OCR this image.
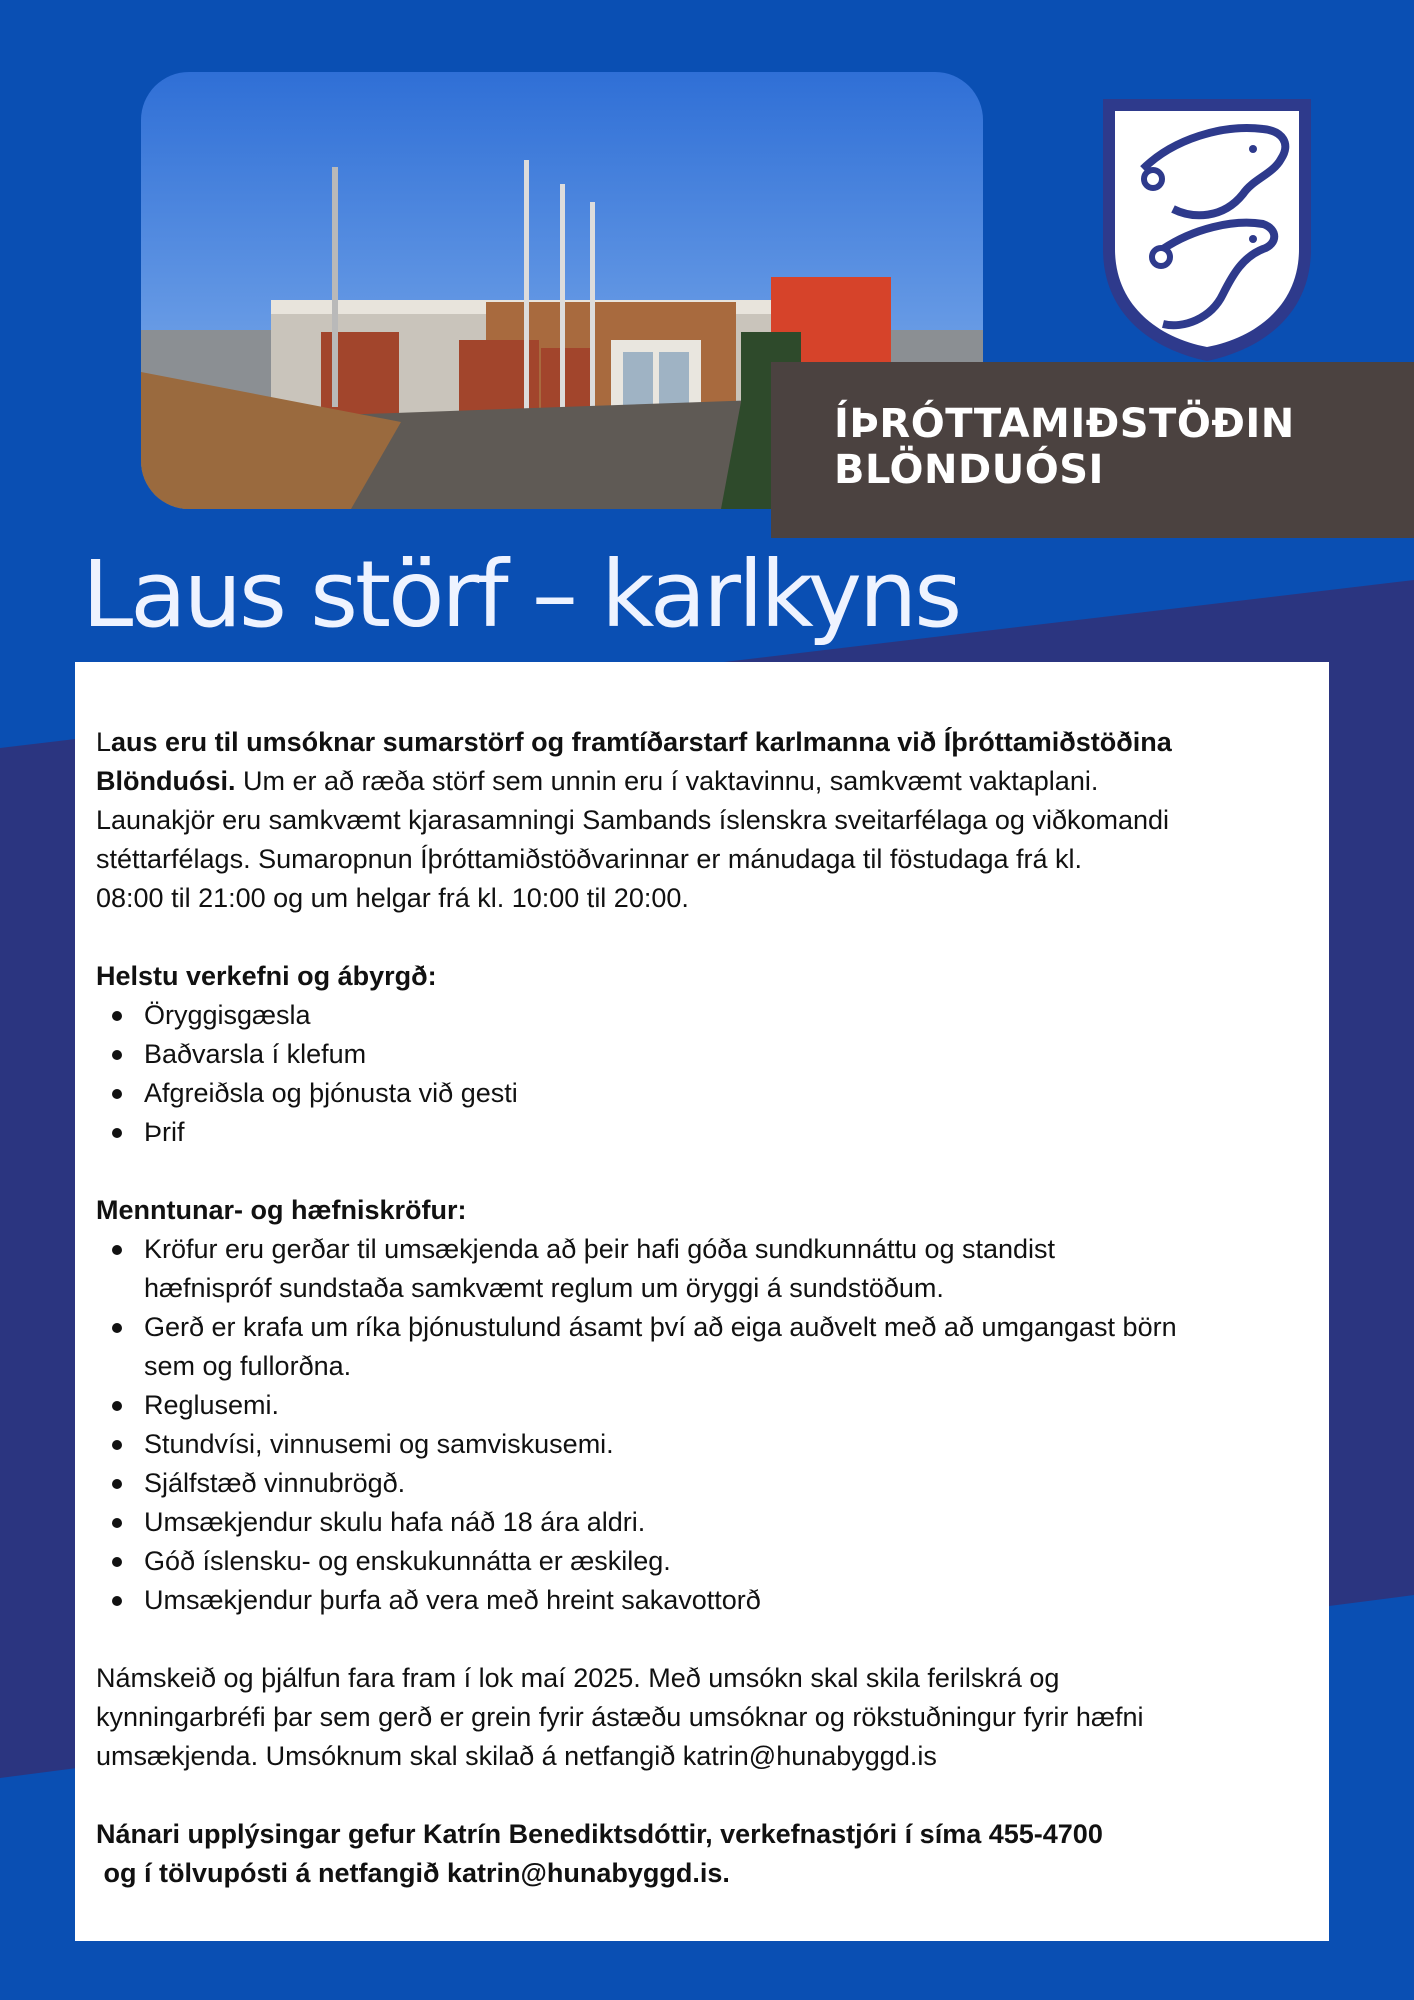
ÍÞRÓTTAMIÐSTÖÐIN
BLÖNDUÓSI
Laus störf – karlkyns

Laus eru til umsóknar sumarstörf og framtíðarstarf karlmanna við Íþróttamiðstöðina
Blönduósi. Um er að ræða störf sem unnin eru í vaktavinnu, samkvæmt vaktaplani.
Launakjör eru samkvæmt kjarasamningi Sambands íslenskra sveitarfélaga og viðkomandi
stéttarfélags. Sumaropnun Íþróttamiðstöðvarinnar er mánudaga til föstudaga frá kl.
08:00 til 21:00 og um helgar frá kl. 10:00 til 20:00.

Helstu verkefni og ábyrgð:

Öryggisgæsla
Baðvarsla í klefum
Afgreiðsla og þjónusta við gesti
Þrif

Menntunar- og hæfniskröfur:

Kröfur eru gerðar til umsækjenda að þeir hafi góða sundkunnáttu og standist
hæfnispróf sundstaða samkvæmt reglum um öryggi á sundstöðum.
Gerð er krafa um ríka þjónustulund ásamt því að eiga auðvelt með að umgangast börn
sem og fullorðna.
Reglusemi.
Stundvísi, vinnusemi og samviskusemi.
Sjálfstæð vinnubrögð.
Umsækjendur skulu hafa náð 18 ára aldri.
Góð íslensku- og enskukunnátta er æskileg.
Umsækjendur þurfa að vera með hreint sakavottorð

Námskeið og þjálfun fara fram í lok maí 2025. Með umsókn skal skila ferilskrá og
kynningarbréfi þar sem gerð er grein fyrir ástæðu umsóknar og rökstuðningur fyrir hæfni
umsækjenda. Umsóknum skal skilað á netfangið katrin@hunabyggd.is

Nánari upplýsingar gefur Katrín Benediktsdóttir, verkefnastjóri í síma 455-4700
og í tölvupósti á netfangið katrin@hunabyggd.is.
